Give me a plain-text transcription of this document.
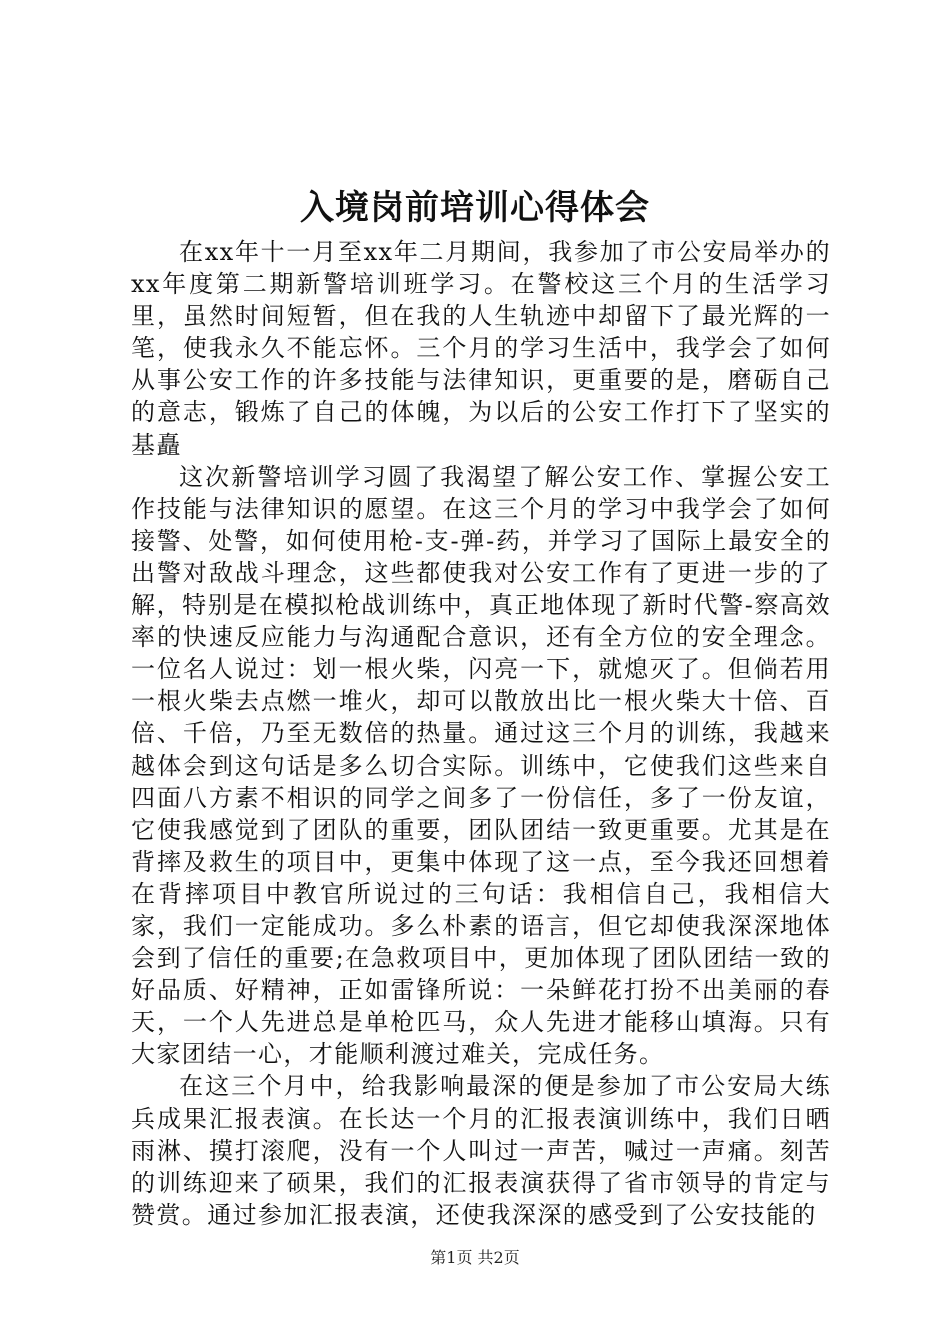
入境岗前培训心得体会

在xx年十一月至xx年二月期间，我参加了市公安局举办的xx年度第二期新警培训班学习。在警校这三个月的生活学习里，虽然时间短暂，但在我的人生轨迹中却留下了最光辉的一笔，使我永久不能忘怀。三个月的学习生活中，我学会了如何从事公安工作的许多技能与法律知识，更重要的是，磨砺自己的意志，锻炼了自己的体魄，为以后的公安工作打下了坚实的基矗

这次新警培训学习圆了我渴望了解公安工作、掌握公安工作技能与法律知识的愿望。在这三个月的学习中我学会了如何接警、处警，如何使用枪-支-弹-药，并学习了国际上最安全的出警对敌战斗理念，这些都使我对公安工作有了更进一步的了解，特别是在模拟枪战训练中，真正地体现了新时代警-察高效率的快速反应能力与沟通配合意识，还有全方位的安全理念。一位名人说过：划一根火柴，闪亮一下，就熄灭了。但倘若用一根火柴去点燃一堆火，却可以散放出比一根火柴大十倍、百倍、千倍，乃至无数倍的热量。通过这三个月的训练，我越来越体会到这句话是多么切合实际。训练中，它使我们这些来自四面八方素不相识的同学之间多了一份信任，多了一份友谊，它使我感觉到了团队的重要，团队团结一致更重要。尤其是在背摔及救生的项目中，更集中体现了这一点，至今我还回想着在背摔项目中教官所说过的三句话：我相信自己，我相信大家，我们一定能成功。多么朴素的语言，但它却使我深深地体会到了信任的重要;在急救项目中，更加体现了团队团结一致的好品质、好精神，正如雷锋所说：一朵鲜花打扮不出美丽的春天，一个人先进总是单枪匹马，众人先进才能移山填海。只有大家团结一心，才能顺利渡过难关，完成任务。

在这三个月中，给我影响最深的便是参加了市公安局大练兵成果汇报表演。在长达一个月的汇报表演训练中，我们日晒雨淋、摸打滚爬，没有一个人叫过一声苦，喊过一声痛。刻苦的训练迎来了硕果，我们的汇报表演获得了省市领导的肯定与赞赏。通过参加汇报表演，还使我深深的感受到了公安技能的

第1页 共2页
